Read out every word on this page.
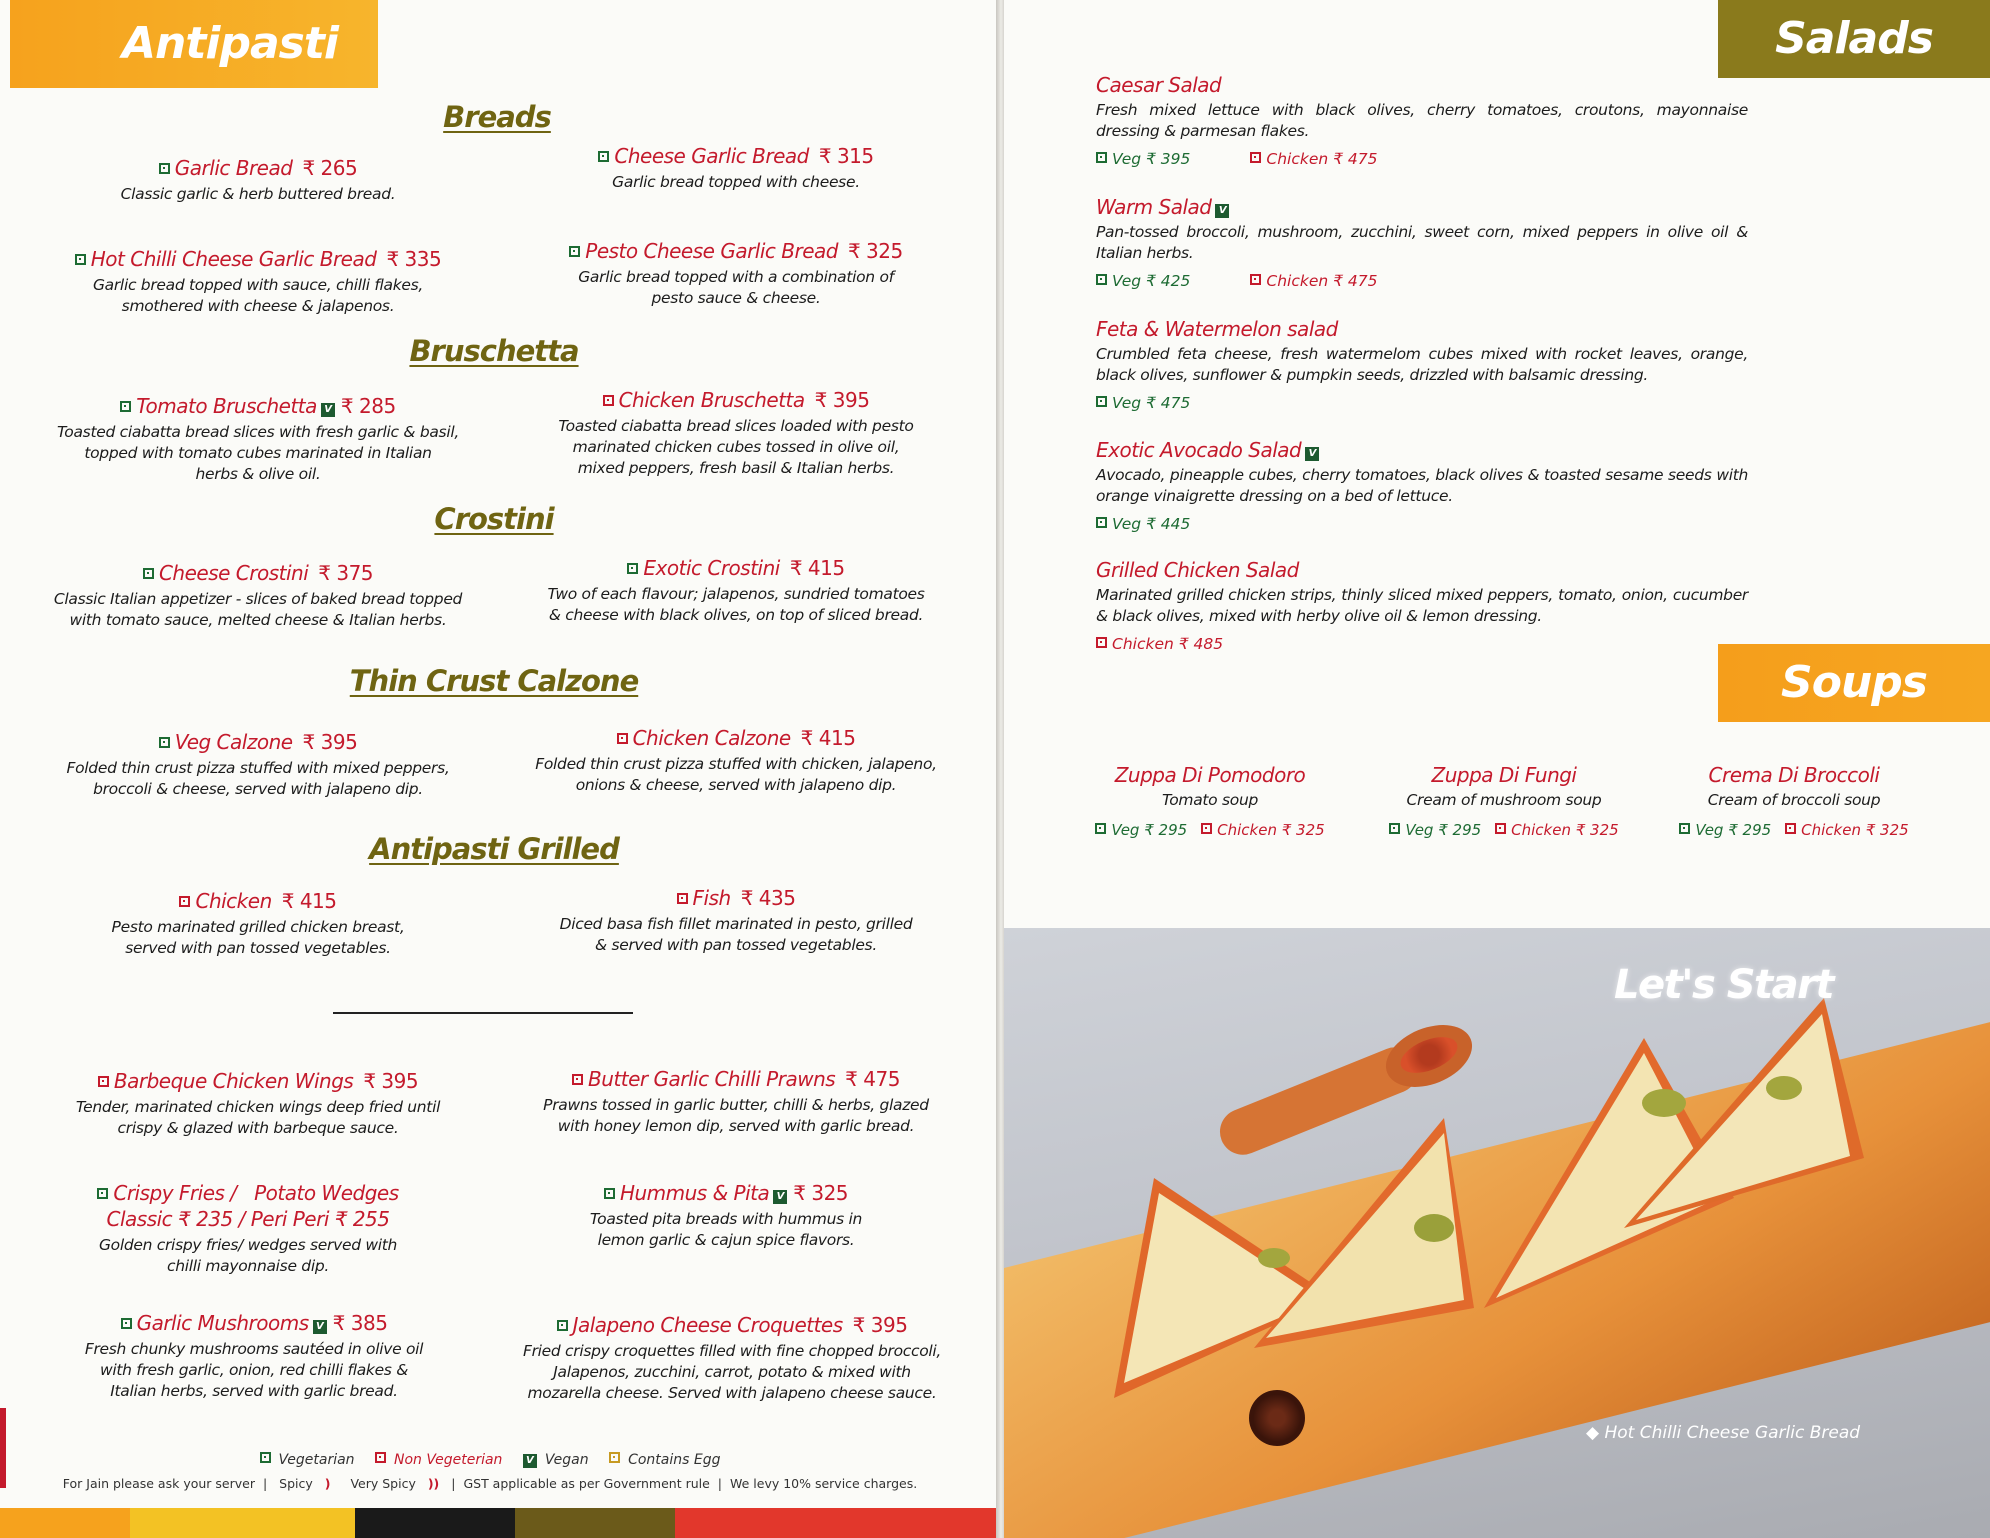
Antipasti
Breads
Garlic Bread ₹ 265
Classic garlic & herb buttered bread.
Cheese Garlic Bread ₹ 315
Garlic bread topped with cheese.
Hot Chilli Cheese Garlic Bread ₹ 335
Garlic bread topped with sauce, chilli flakes,
smothered with cheese & jalapenos.
Pesto Cheese Garlic Bread ₹ 325
Garlic bread topped with a combination of
pesto sauce & cheese.
Bruschetta
Tomato Bruschetta V ₹ 285
Toasted ciabatta bread slices with fresh garlic & basil,
topped with tomato cubes marinated in Italian
herbs & olive oil.
Chicken Bruschetta ₹ 395
Toasted ciabatta bread slices loaded with pesto
marinated chicken cubes tossed in olive oil,
mixed peppers, fresh basil & Italian herbs.
Crostini
Cheese Crostini ₹ 375
Classic Italian appetizer - slices of baked bread topped
with tomato sauce, melted cheese & Italian herbs.
Exotic Crostini ₹ 415
Two of each flavour; jalapenos, sundried tomatoes
& cheese with black olives, on top of sliced bread.
Thin Crust Calzone
Veg Calzone ₹ 395
Folded thin crust pizza stuffed with mixed peppers,
broccoli & cheese, served with jalapeno dip.
Chicken Calzone ₹ 415
Folded thin crust pizza stuffed with chicken, jalapeno,
onions & cheese, served with jalapeno dip.
Antipasti Grilled
Chicken ₹ 415
Pesto marinated grilled chicken breast,
served with pan tossed vegetables.
Fish ₹ 435
Diced basa fish fillet marinated in pesto, grilled
& served with pan tossed vegetables.
Barbeque Chicken Wings ₹ 395
Tender, marinated chicken wings deep fried until
crispy & glazed with barbeque sauce.
Butter Garlic Chilli Prawns ₹ 475
Prawns tossed in garlic butter, chilli & herbs, glazed
with honey lemon dip, served with garlic bread.
Crispy Fries /   Potato Wedges
Classic ₹ 235 / Peri Peri ₹ 255
Golden crispy fries/ wedges served with
chilli mayonnaise dip.
Hummus & Pita V ₹ 325
Toasted pita breads with hummus in
lemon garlic & cajun spice flavors.
Garlic Mushrooms V ₹ 385
Fresh chunky mushrooms sautéed in olive oil
with fresh garlic, onion, red chilli flakes &
Italian herbs, served with garlic bread.
Jalapeno Cheese Croquettes ₹ 395
Fried crispy croquettes filled with fine chopped broccoli,
Jalapenos, zucchini, carrot, potato & mixed with
mozarella cheese. Served with jalapeno cheese sauce.
Vegetarian	Non Vegeterian V Vegan	Contains Egg
For Jain please ask your server | Spicy ) Very Spicy )) | GST applicable as per Government rule | We levy 10% service charges.
Salads
Caesar Salad
Fresh mixed lettuce with black olives, cherry tomatoes, croutons, mayonnaise dressing & parmesan flakes.
Veg ₹ 395	Chicken ₹ 475
Warm Salad V
Pan-tossed broccoli, mushroom, zucchini, sweet corn, mixed peppers in olive oil & Italian herbs.
Veg ₹ 425	Chicken ₹ 475
Feta & Watermelon salad
Crumbled feta cheese, fresh watermelom cubes mixed with rocket leaves, orange, black olives, sunflower & pumpkin seeds, drizzled with balsamic dressing.
Veg ₹ 475
Exotic Avocado Salad V
Avocado, pineapple cubes, cherry tomatoes, black olives & toasted sesame seeds with orange vinaigrette dressing on a bed of lettuce.
Veg ₹ 445
Grilled Chicken Salad
Marinated grilled chicken strips, thinly sliced mixed peppers, tomato, onion, cucumber & black olives, mixed with herby olive oil & lemon dressing.
Chicken ₹ 485
Soups
Zuppa Di Pomodoro
Tomato soup
Veg ₹ 295 Chicken ₹ 325
Zuppa Di Fungi
Cream of mushroom soup
Veg ₹ 295 Chicken ₹ 325
Crema Di Broccoli
Cream of broccoli soup
Veg ₹ 295 Chicken ₹ 325
Let's Start
◆ Hot Chilli Cheese Garlic Bread
